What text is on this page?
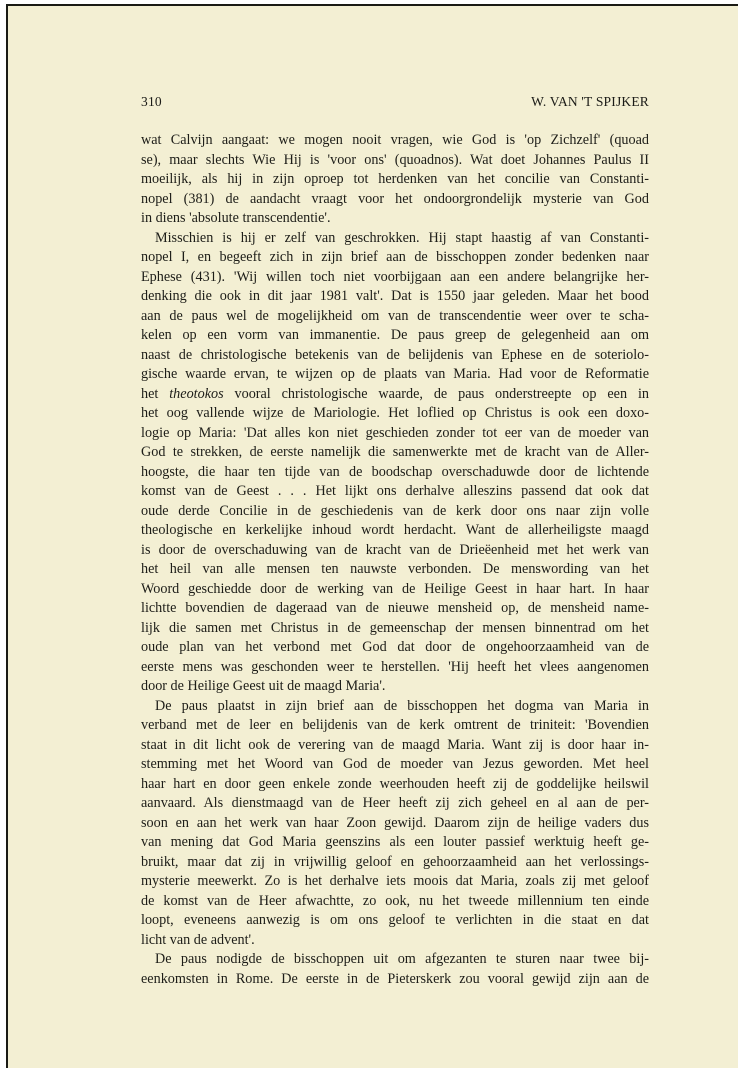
310	W. VAN 'T SPIJKER
wat Calvijn aangaat: we mogen nooit vragen, wie God is 'op Zichzelf' (quoad
se), maar slechts Wie Hij is 'voor ons' (quoadnos). Wat doet Johannes Paulus II
moeilijk, als hij in zijn oproep tot herdenken van het concilie van Constanti-
nopel (381) de aandacht vraagt voor het ondoorgrondelijk mysterie van God
in diens 'absolute transcendentie'.
Misschien is hij er zelf van geschrokken. Hij stapt haastig af van Constanti-
nopel I, en begeeft zich in zijn brief aan de bisschoppen zonder bedenken naar
Ephese (431). 'Wij willen toch niet voorbijgaan aan een andere belangrijke her-
denking die ook in dit jaar 1981 valt'. Dat is 1550 jaar geleden. Maar het bood
aan de paus wel de mogelijkheid om van de transcendentie weer over te scha-
kelen op een vorm van immanentie. De paus greep de gelegenheid aan om
naast de christologische betekenis van de belijdenis van Ephese en de soteriolo-
gische waarde ervan, te wijzen op de plaats van Maria. Had voor de Reformatie
het theotokos vooral christologische waarde, de paus onderstreepte op een in
het oog vallende wijze de Mariologie. Het loflied op Christus is ook een doxo-
logie op Maria: 'Dat alles kon niet geschieden zonder tot eer van de moeder van
God te strekken, de eerste namelijk die samenwerkte met de kracht van de Aller-
hoogste, die haar ten tijde van de boodschap overschaduwde door de lichtende
komst van de Geest . . . Het lijkt ons derhalve alleszins passend dat ook dat
oude derde Concilie in de geschiedenis van de kerk door ons naar zijn volle
theologische en kerkelijke inhoud wordt herdacht. Want de allerheiligste maagd
is door de overschaduwing van de kracht van de Drieëenheid met het werk van
het heil van alle mensen ten nauwste verbonden. De menswording van het
Woord geschiedde door de werking van de Heilige Geest in haar hart. In haar
lichtte bovendien de dageraad van de nieuwe mensheid op, de mensheid name-
lijk die samen met Christus in de gemeenschap der mensen binnentrad om het
oude plan van het verbond met God dat door de ongehoorzaamheid van de
eerste mens was geschonden weer te herstellen. 'Hij heeft het vlees aangenomen
door de Heilige Geest uit de maagd Maria'.
De paus plaatst in zijn brief aan de bisschoppen het dogma van Maria in
verband met de leer en belijdenis van de kerk omtrent de triniteit: 'Bovendien
staat in dit licht ook de verering van de maagd Maria. Want zij is door haar in-
stemming met het Woord van God de moeder van Jezus geworden. Met heel
haar hart en door geen enkele zonde weerhouden heeft zij de goddelijke heilswil
aanvaard. Als dienstmaagd van de Heer heeft zij zich geheel en al aan de per-
soon en aan het werk van haar Zoon gewijd. Daarom zijn de heilige vaders dus
van mening dat God Maria geenszins als een louter passief werktuig heeft ge-
bruikt, maar dat zij in vrijwillig geloof en gehoorzaamheid aan het verlossings-
mysterie meewerkt. Zo is het derhalve iets moois dat Maria, zoals zij met geloof
de komst van de Heer afwachtte, zo ook, nu het tweede millennium ten einde
loopt, eveneens aanwezig is om ons geloof te verlichten in die staat en dat
licht van de advent'.
De paus nodigde de bisschoppen uit om afgezanten te sturen naar twee bij-
eenkomsten in Rome. De eerste in de Pieterskerk zou vooral gewijd zijn aan de
